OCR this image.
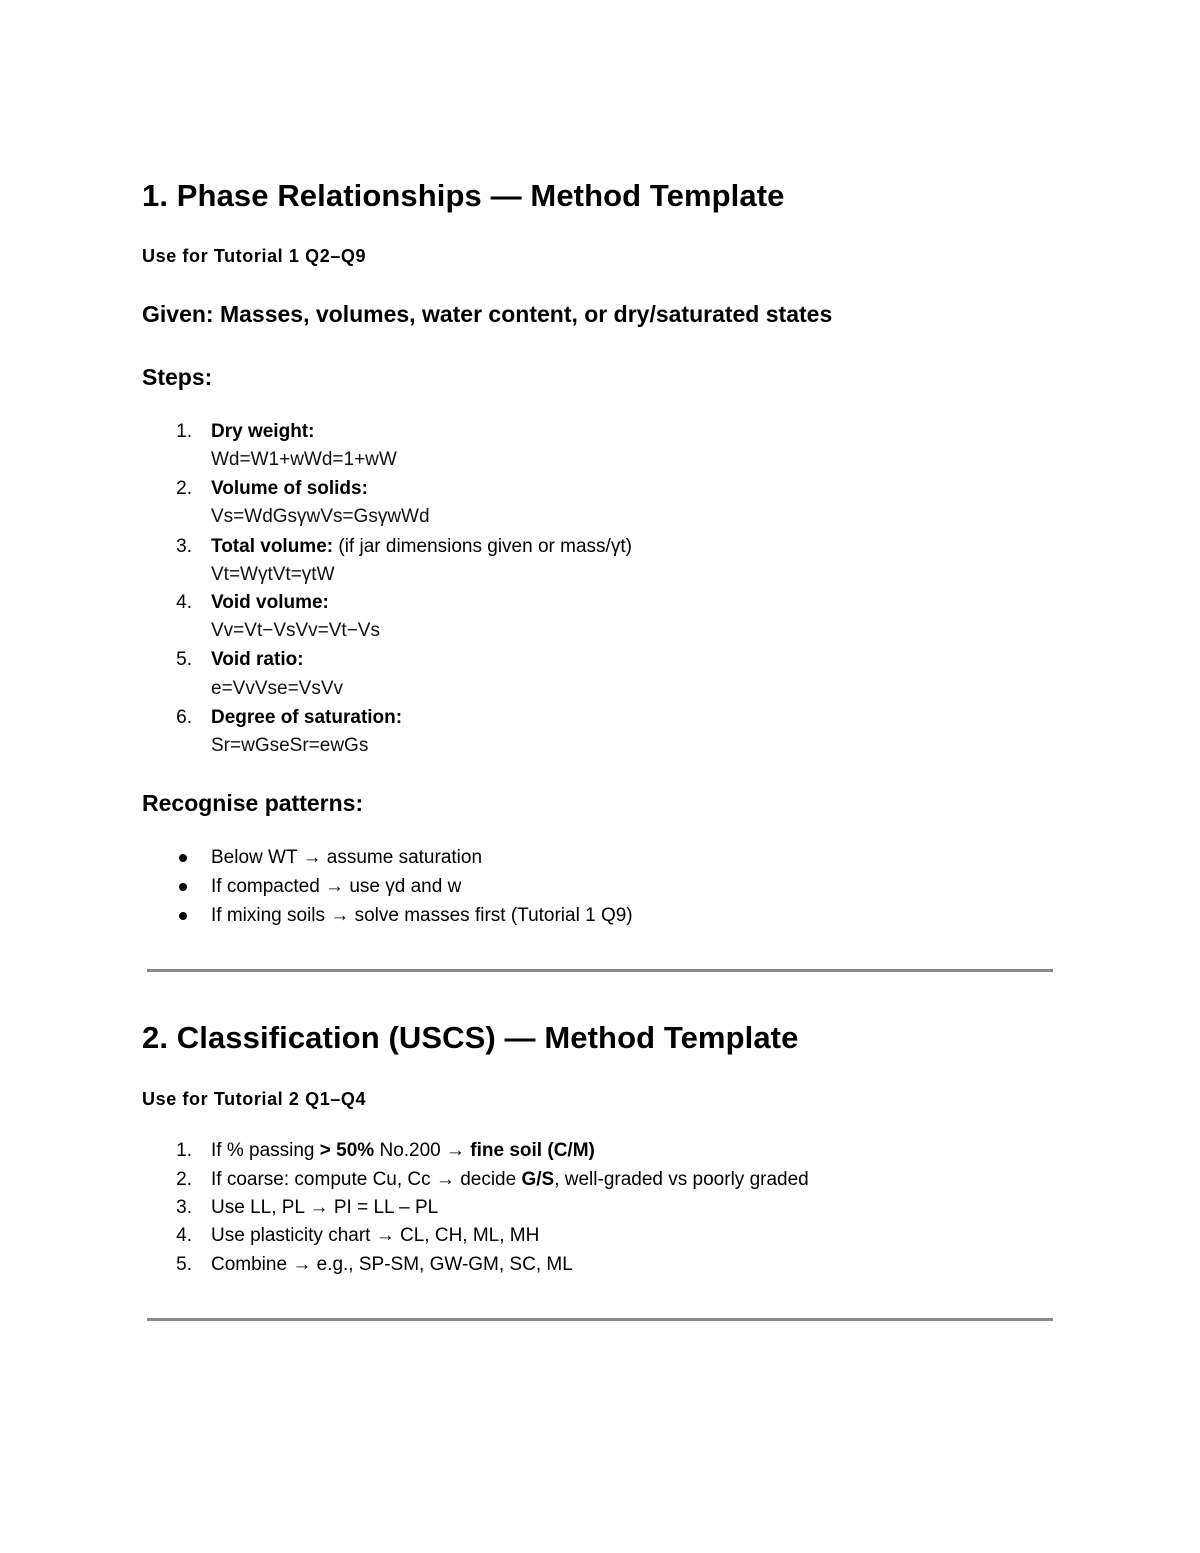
1. Phase Relationships — Method Template
Use for Tutorial 1 Q2–Q9
Given: Masses, volumes, water content, or dry/saturated states
Steps:
1. Dry weight:
Wd=W1+wWd=1+wW
2. Volume of solids:
Vs=WdGsγwVs=GsγwWd
3. Total volume: (if jar dimensions given or mass/γt)
Vt=WγtVt=γtW
4. Void volume:
Vv=Vt−VsVv=Vt−Vs
5. Void ratio:
e=VvVse=VsVv
6. Degree of saturation:
Sr=wGseSr=ewGs
Recognise patterns:
Below WT → assume saturation
If compacted → use γd and w
If mixing soils → solve masses first (Tutorial 1 Q9)
2. Classification (USCS) — Method Template
Use for Tutorial 2 Q1–Q4
1. If % passing > 50% No.200 → fine soil (C/M)
2. If coarse: compute Cu, Cc → decide G/S, well-graded vs poorly graded
3. Use LL, PL → PI = LL – PL
4. Use plasticity chart → CL, CH, ML, MH
5. Combine → e.g., SP-SM, GW-GM, SC, ML
